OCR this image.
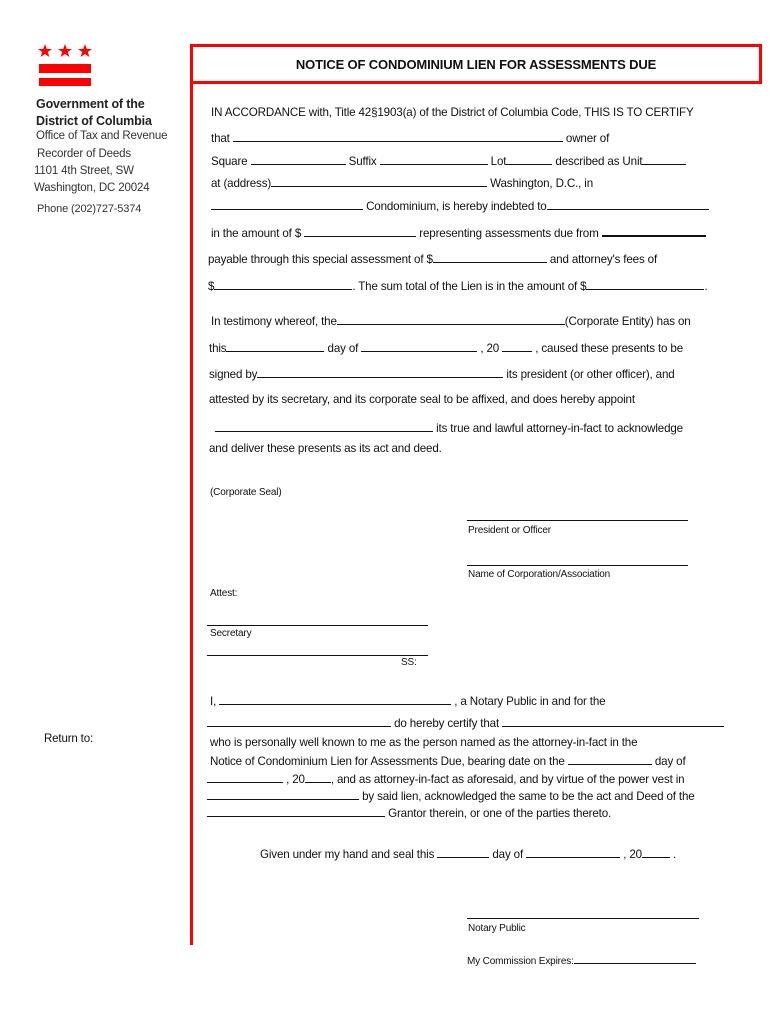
Government of the
District of Columbia
Office of Tax and Revenue
Recorder of Deeds
1101 4th Street, SW
Washington, DC 20024
Phone (202)727-5374
Return to:
NOTICE OF CONDOMINIUM LIEN FOR ASSESSMENTS DUE
IN ACCORDANCE with, Title 42§1903(a) of the District of Columbia Code, THIS IS TO CERTIFY
that	owner of
Square	Suffix	Lot	described as Unit
at (address)	Washington, D.C., in
Condominium, is hereby indebted to
in the amount of $	representing assessments due from
payable through this special assessment of $	and attorney's fees of
$	. The sum total of the Lien is in the amount of $	.
In testimony whereof, the	(Corporate Entity) has on
this	day of	, 20	, caused these presents to be
signed by	its president (or other officer), and
attested by its secretary, and its corporate seal to be affixed, and does hereby appoint
its true and lawful attorney-in-fact to acknowledge
and deliver these presents as its act and deed.
(Corporate Seal)
President or Officer
Name of Corporation/Association
Attest:
Secretary
SS:
I,	, a Notary Public in and for the
do hereby certify that
who is personally well known to me as the person named as the attorney-in-fact in the
Notice of Condominium Lien for Assessments Due, bearing date on the	day of
, 20 , and as attorney-in-fact as aforesaid, and by virtue of the power vest in
by said lien, acknowledged the same to be the act and Deed of the
Grantor therein, or one of the parties thereto.
Given under my hand and seal this	day of	, 20 .
Notary Public
My Commission Expires:
